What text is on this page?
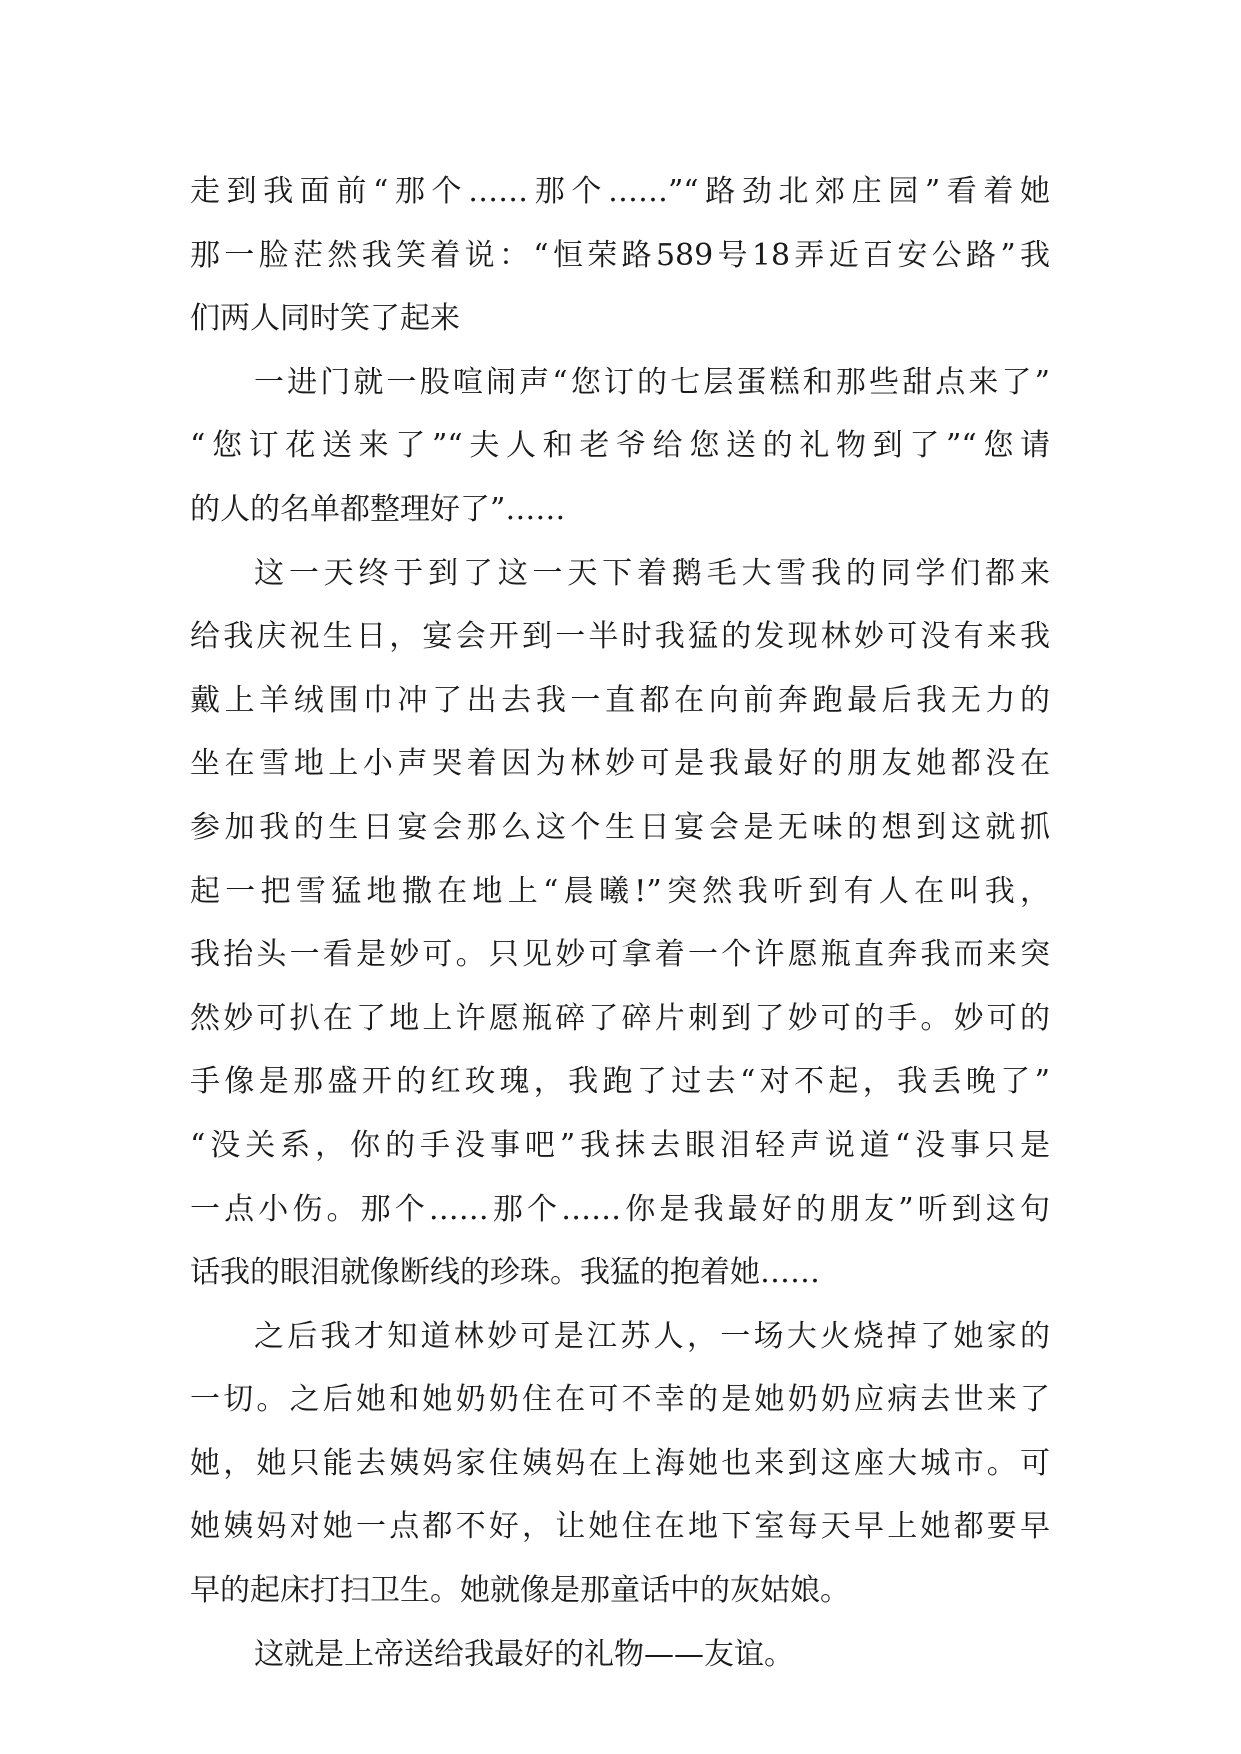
走到我面前“那个……那个……”“路劲北郊庄园”看着她
那一脸茫然我笑着说：“恒荣路589号18弄近百安公路”我
们两人同时笑了起来
一进门就一股喧闹声“您订的七层蛋糕和那些甜点来了”
“您订花送来了”“夫人和老爷给您送的礼物到了”“您请
的人的名单都整理好了”……
这一天终于到了这一天下着鹅毛大雪我的同学们都来
给我庆祝生日，宴会开到一半时我猛的发现林妙可没有来我
戴上羊绒围巾冲了出去我一直都在向前奔跑最后我无力的
坐在雪地上小声哭着因为林妙可是我最好的朋友她都没在
参加我的生日宴会那么这个生日宴会是无味的想到这就抓
起一把雪猛地撒在地上“晨曦!”突然我听到有人在叫我，
我抬头一看是妙可。只见妙可拿着一个许愿瓶直奔我而来突
然妙可扒在了地上许愿瓶碎了碎片刺到了妙可的手。妙可的
手像是那盛开的红玫瑰，我跑了过去“对不起，我丢晚了”
“没关系，你的手没事吧”我抹去眼泪轻声说道“没事只是
一点小伤。那个……那个……你是我最好的朋友”听到这句
话我的眼泪就像断线的珍珠。我猛的抱着她……
之后我才知道林妙可是江苏人，一场大火烧掉了她家的
一切。之后她和她奶奶住在可不幸的是她奶奶应病去世来了
她，她只能去姨妈家住姨妈在上海她也来到这座大城市。可
她姨妈对她一点都不好，让她住在地下室每天早上她都要早
早的起床打扫卫生。她就像是那童话中的灰姑娘。
这就是上帝送给我最好的礼物——友谊。
